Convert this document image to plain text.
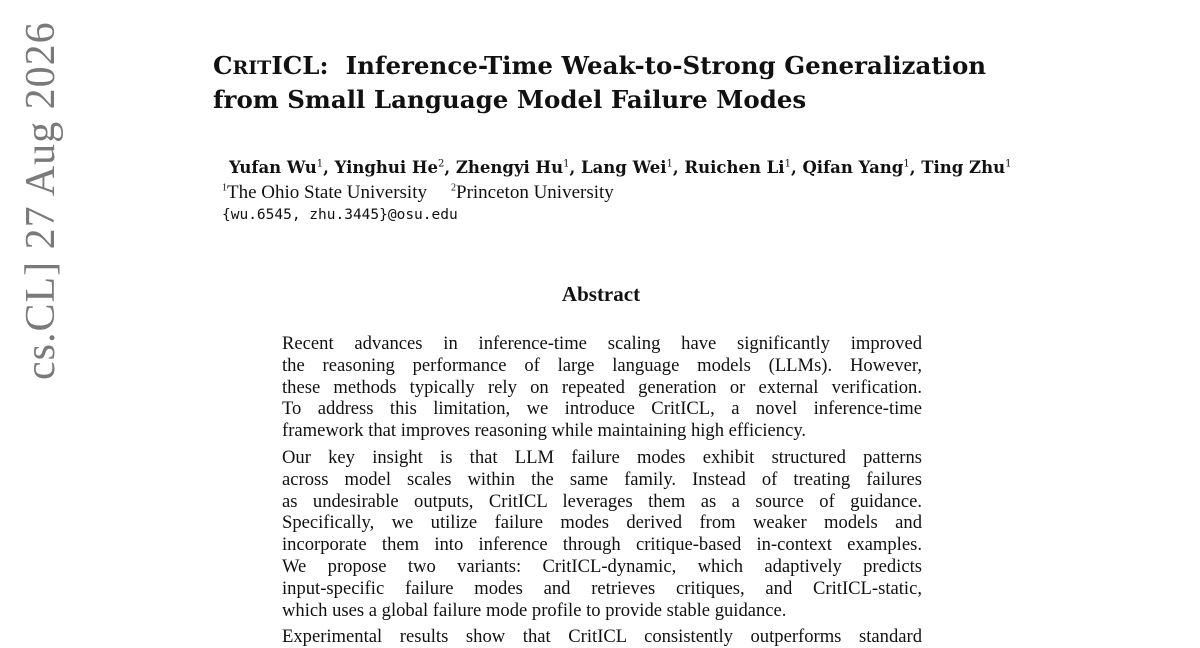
cs.CL] 27 Aug 2026	CRITICL: Inference-Time Weak-to-Strong Generalization
from Small Language Model Failure Modes

Yufan Wu$^1$, Yinghui He$^2$, Zhengyi Hu$^1$, Lang Wei$^1$, Ruichen Li$^1$, Qifan Yang$^1$, Ting Zhu$^1$

$^1$The Ohio State University $^2$Princeton University

{wu.6545, zhu.3445}@osu.edu

Abstract

Recent advances in inference-time scaling have significantly improved
the reasoning performance of large language models (LLMs). However,
these methods typically rely on repeated generation or external verification.
To address this limitation, we introduce CritICL, a novel inference-time
framework that improves reasoning while maintaining high efficiency.

Our key insight is that LLM failure modes exhibit structured patterns
across model scales within the same family. Instead of treating failures
as undesirable outputs, CritICL leverages them as a source of guidance.
Specifically, we utilize failure modes derived from weaker models and
incorporate them into inference through critique-based in-context examples.
We propose two variants: CritICL-dynamic, which adaptively predicts
input-specific failure modes and retrieves critiques, and CritICL-static,
which uses a global failure mode profile to provide stable guidance.

Experimental results show that CritICL consistently outperforms standard
